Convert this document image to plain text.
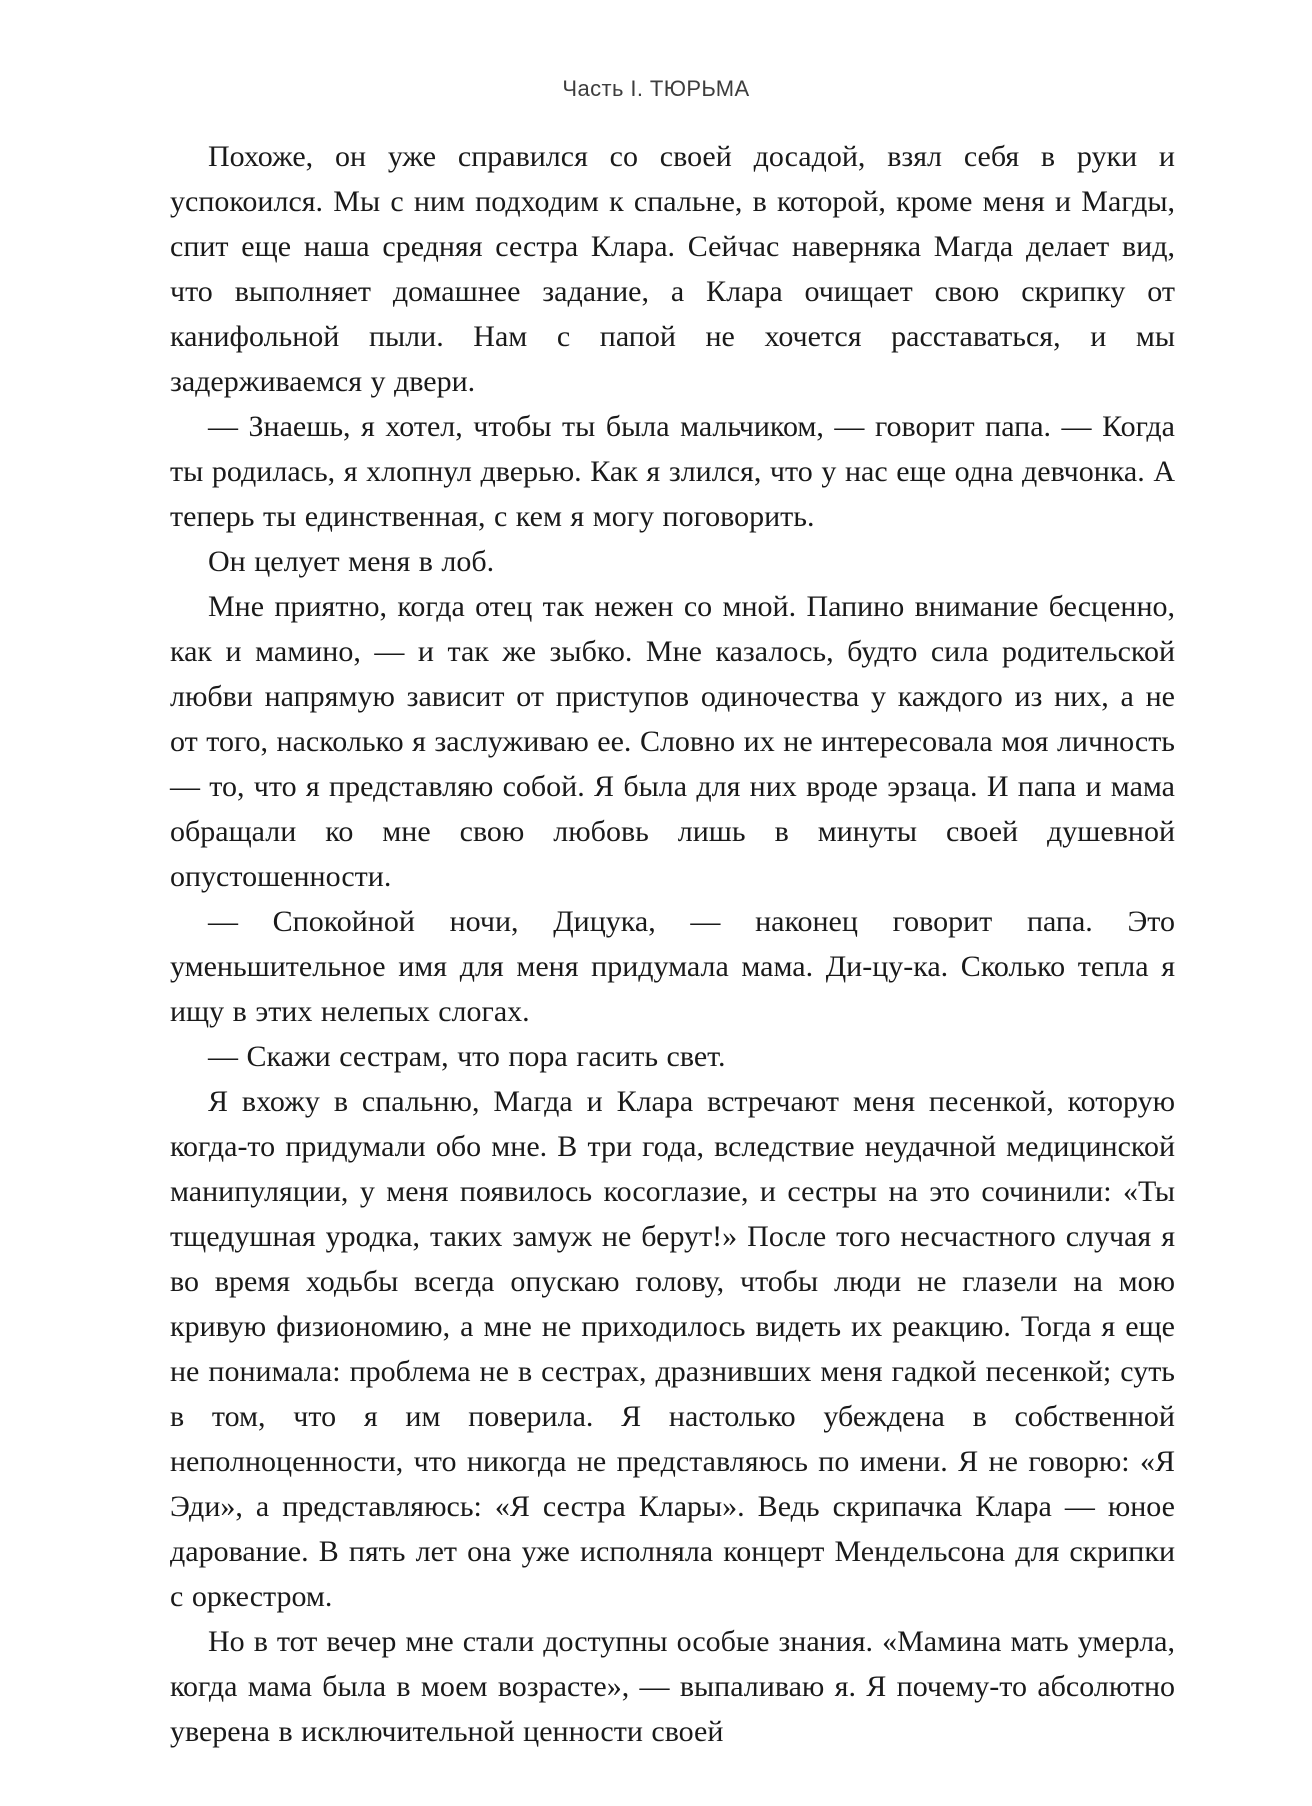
Часть I. ТЮРЬМА

Похоже, он уже справился со своей досадой, взял себя в руки и успокоился. Мы с ним подходим к спальне, в которой, кроме меня и Магды, спит еще наша средняя сестра Клара. Сейчас наверняка Магда делает вид, что выполняет домашнее задание, а Клара очищает свою скрипку от канифольной пыли. Нам с папой не хочется расставаться, и мы задерживаемся у двери.

— Знаешь, я хотел, чтобы ты была мальчиком, — говорит папа. — Когда ты родилась, я хлопнул дверью. Как я злился, что у нас еще одна девчонка. А теперь ты единственная, с кем я могу поговорить.

Он целует меня в лоб.

Мне приятно, когда отец так нежен со мной. Папино внимание бесценно, как и мамино, — и так же зыбко. Мне казалось, будто сила родительской любви напрямую зависит от приступов одиночества у каждого из них, а не от того, насколько я заслуживаю ее. Словно их не интересовала моя личность — то, что я представляю собой. Я была для них вроде эрзаца. И папа и мама обращали ко мне свою любовь лишь в минуты своей душевной опустошенности.

— Спокойной ночи, Дицука, — наконец говорит папа. Это уменьшительное имя для меня придумала мама. Ди-цу-ка. Сколько тепла я ищу в этих нелепых слогах.

— Скажи сестрам, что пора гасить свет.

Я вхожу в спальню, Магда и Клара встречают меня песенкой, которую когда-то придумали обо мне. В три года, вследствие неудачной медицинской манипуляции, у меня появилось косоглазие, и сестры на это сочинили: «Ты тщедушная уродка, таких замуж не берут!» После того несчастного случая я во время ходьбы всегда опускаю голову, чтобы люди не глазели на мою кривую физиономию, а мне не приходилось видеть их реакцию. Тогда я еще не понимала: проблема не в сестрах, дразнивших меня гадкой песенкой; суть в том, что я им поверила. Я настолько убеждена в собственной неполноценности, что никогда не представляюсь по имени. Я не говорю: «Я Эди», а представляюсь: «Я сестра Клары». Ведь скрипачка Клара — юное дарование. В пять лет она уже исполняла концерт Мендельсона для скрипки с оркестром.

Но в тот вечер мне стали доступны особые знания. «Мамина мать умерла, когда мама была в моем возрасте», — выпаливаю я. Я почему-то абсолютно уверена в исключительной ценности своей
